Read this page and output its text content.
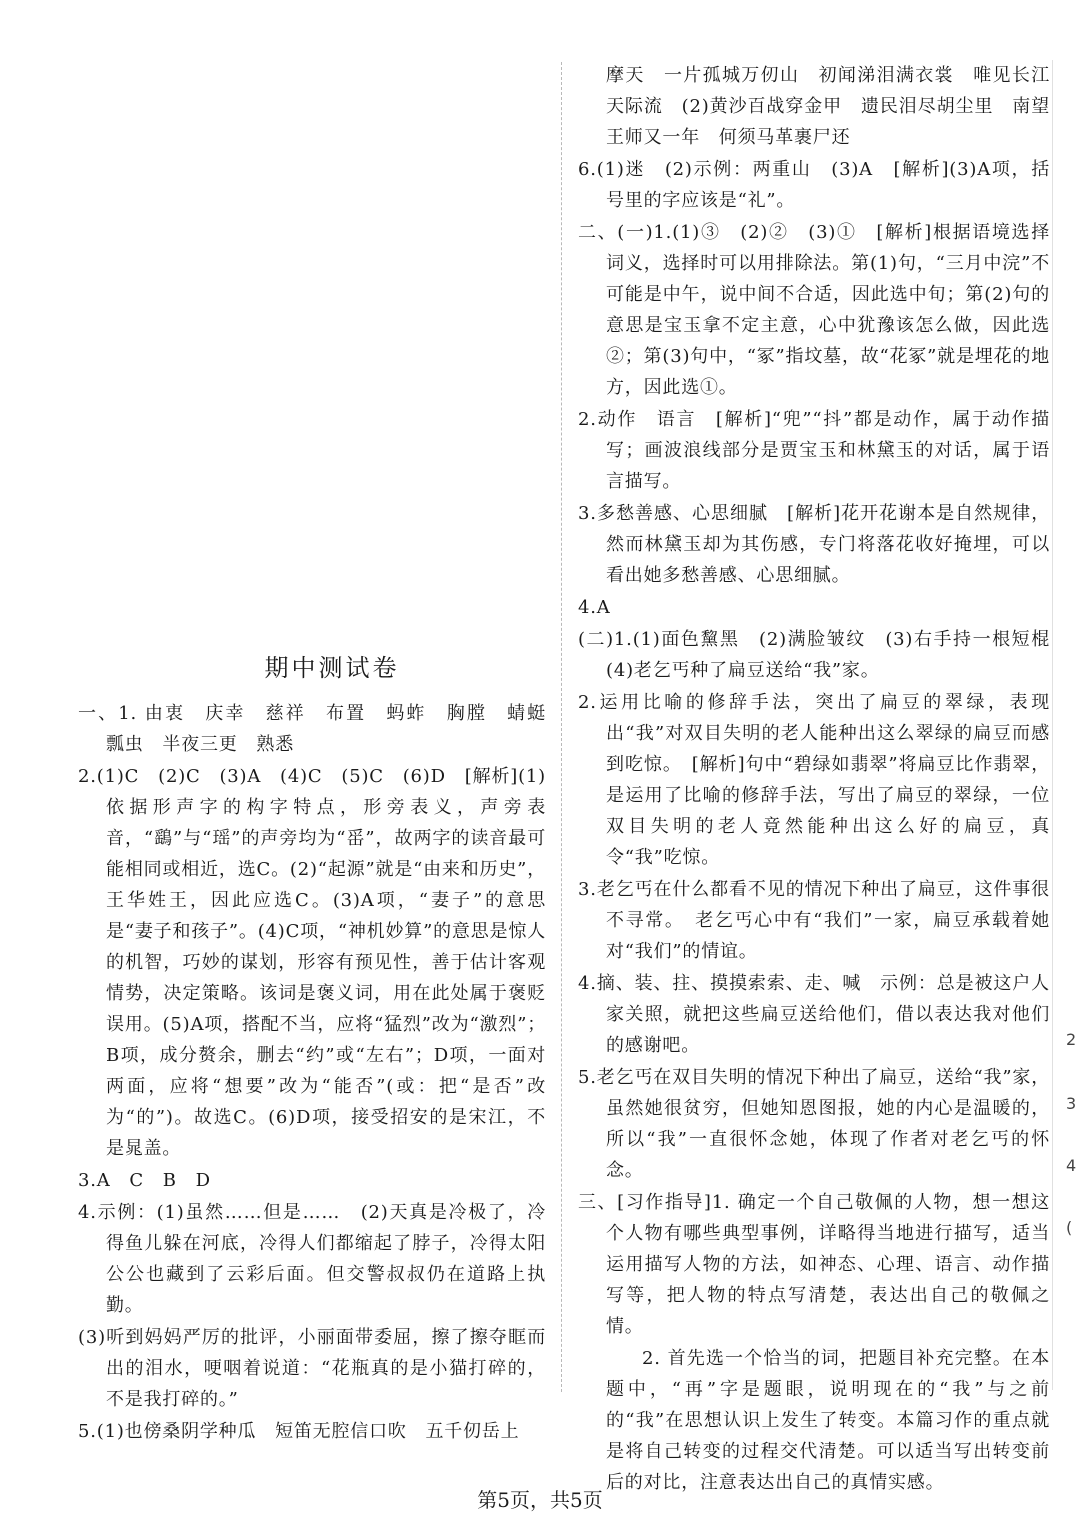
期中测试卷

一、1. 由衷　庆幸　慈祥　布置　蚂蚱　胸膛　蜻蜓　瓢虫　半夜三更　熟悉

2.(1)C　(2)C　(3)A　(4)C　(5)C　(6)D　[解析](1)依据形声字的构字特点，形旁表义，声旁表音，“鷂”与“瑶”的声旁均为“䍃”，故两字的读音最可能相同或相近，选C。(2)“起源”就是“由来和历史”，王华姓王，因此应选C。(3)A项，“妻子”的意思是“妻子和孩子”。(4)C项，“神机妙算”的意思是惊人的机智，巧妙的谋划，形容有预见性，善于估计客观情势，决定策略。该词是褒义词，用在此处属于褒贬误用。(5)A项，搭配不当，应将“猛烈”改为“激烈”；B项，成分赘余，删去“约”或“左右”；D项，一面对两面，应将“想要”改为“能否”(或：把“是否”改为“的”)。故选C。(6)D项，接受招安的是宋江，不是晁盖。

3.A　C　B　D

4.示例：(1)虽然……但是……　(2)天真是冷极了，冷得鱼儿躲在河底，冷得人们都缩起了脖子，冷得太阳公公也藏到了云彩后面。但交警叔叔仍在道路上执勤。

(3)听到妈妈严厉的批评，小丽面带委屈，擦了擦夺眶而出的泪水，哽咽着说道：“花瓶真的是小猫打碎的，不是我打碎的。”

5.(1)也傍桑阴学种瓜　短笛无腔信口吹　五千仞岳上

摩天　一片孤城万仞山　初闻涕泪满衣裳　唯见长江天际流　(2)黄沙百战穿金甲　遗民泪尽胡尘里　南望王师又一年　何须马革裹尸还

6.(1)迷　(2)示例：两重山　(3)A　[解析](3)A项，括号里的字应该是“礼”。

二、(一)1.(1)③　(2)②　(3)①　[解析]根据语境选择词义，选择时可以用排除法。第(1)句，“三月中浣”不可能是中午，说中间不合适，因此选中旬；第(2)句的意思是宝玉拿不定主意，心中犹豫该怎么做，因此选②；第(3)句中，“冢”指坟墓，故“花冢”就是埋花的地方，因此选①。

2.动作　语言　[解析]“兜”“抖”都是动作，属于动作描写；画波浪线部分是贾宝玉和林黛玉的对话，属于语言描写。

3.多愁善感、心思细腻　[解析]花开花谢本是自然规律，然而林黛玉却为其伤感，专门将落花收好掩埋，可以看出她多愁善感、心思细腻。

4.A

(二)1.(1)面色黧黑　(2)满脸皱纹　(3)右手持一根短棍　(4)老乞丐种了扁豆送给“我”家。

2.运用比喻的修辞手法，突出了扁豆的翠绿，表现出“我”对双目失明的老人能种出这么翠绿的扁豆而感到吃惊。　[解析]句中“碧绿如翡翠”将扁豆比作翡翠，是运用了比喻的修辞手法，写出了扁豆的翠绿，一位双目失明的老人竟然能种出这么好的扁豆，真令“我”吃惊。

3.老乞丐在什么都看不见的情况下种出了扁豆，这件事很不寻常。　老乞丐心中有“我们”一家，扁豆承载着她对“我们”的情谊。

4.摘、装、拄、摸摸索索、走、喊　示例：总是被这户人家关照，就把这些扁豆送给他们，借以表达我对他们的感谢吧。

5.老乞丐在双目失明的情况下种出了扁豆，送给“我”家，虽然她很贫穷，但她知恩图报，她的内心是温暖的，所以“我”一直很怀念她，体现了作者对老乞丐的怀念。

三、[习作指导]1. 确定一个自己敬佩的人物，想一想这个人物有哪些典型事例，详略得当地进行描写，适当运用描写人物的方法，如神态、心理、语言、动作描写等，把人物的特点写清楚，表达出自己的敬佩之情。

2. 首先选一个恰当的词，把题目补充完整。在本题中，“再”字是题眼，说明现在的“我”与之前的“我”在思想认识上发生了转变。本篇习作的重点就是将自己转变的过程交代清楚。可以适当写出转变前后的对比，注意表达出自己的真情实感。

2
3
4
(
第5页，共5页
